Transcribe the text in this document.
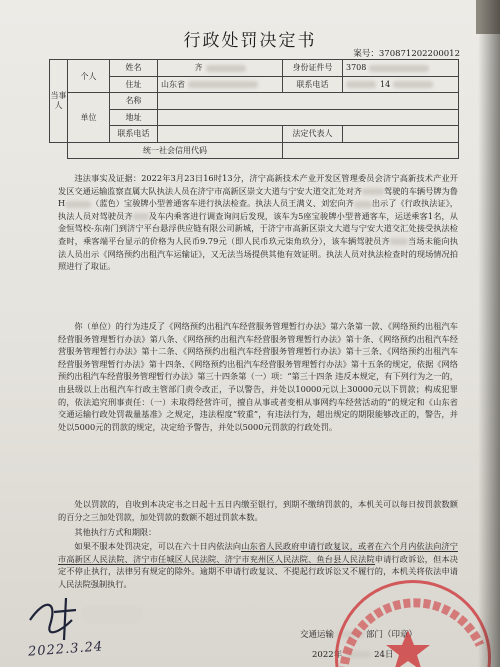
行政处罚决定书
案号：370871202200012
当事人	个人	姓名	齐	身份证件号	3708
		住址	山东省	联系电话	14
	单位	名称			
		地址			
		联系电话		法定代表人	
	统一社会信用代码				

违法事实及证据：2022年3月23日16时13分，济宁高新技术产业开发区管理委员会济宁高新技术产业开发区交通运输监察直属大队执法人员在济宁市高新区崇文大道与宁安大道交汇处对齐	驾驶的车辆号牌为鲁H	（蓝色）宝骏牌小型普通客车进行执法检查。执法人员王满义、刘宏向齐 出示了《行政执法证》，执法人员对驾驶员齐 及车内乘客进行调查询问后发现，该车为5座宝骏牌小型普通客车，运送乘客1名，从金恒驾校-东南门到济宁平台悬浮供应链有限公司新城，于济宁市高新区崇文大道与宁安大道交汇处接受执法检查时，乘客端平台显示的价格为人民币9.79元（即人民币玖元柒角玖分），该车辆驾驶员齐 当场未能向执法人员出示《网络预约出租汽车运输证》，又无法当场提供其他有效证明。执法人员对执法检查时的现场情况拍照进行了取证。

你（单位）的行为违反了《网络预约出租汽车经营服务管理暂行办法》第六条第一款、《网络预约出租汽车经营服务管理暂行办法》第八条、《网络预约出租汽车经营服务管理暂行办法》第十条、《网络预约出租汽车经营服务管理暂行办法》第十二条、《网络预约出租汽车经营服务管理暂行办法》第十三条、《网络预约出租汽车经营服务管理暂行办法》第十四条、《网络预约出租汽车经营服务管理暂行办法》第十五条的规定，依据《网络预约出租汽车经营服务管理暂行办法》第三十四条第（一）项：“第三十四条 违反本规定，有下列行为之一的，由县级以上出租汽车行政主管部门责令改正，予以警告，并处以10000元以上30000元以下罚款；构成犯罪的，依法追究刑事责任：（一）未取得经营许可，擅自从事或者变相从事网约车经营活动的”的规定和《山东省交通运输行政处罚裁量基准》之规定，违法程度“较重”，有违法行为，超出规定的期限能够改正的，警告，并处以5000元的罚款的规定，决定给予警告，并处以5000元罚款的行政处罚。

处以罚款的，自收到本决定书之日起十五日内缴至银行，到期不缴纳罚款的，本机关可以每日按罚款数额的百分之三加处罚款，加处罚款的数额不超过罚款本数。

其他执行方式和期限：

如果不服本处罚决定，可以在六十日内依法向山东省人民政府申请行政复议，或者在六个月内依法向济宁市高新区人民法院、济宁市任城区人民法院、济宁市兖州区人民法院、鱼台县人民法院申请行政诉讼，但本决定不停止执行，法律另有规定的除外。逾期不申请行政复议、不提起行政诉讼又不履行的，本机关将依法申请人民法院强制执行。

2022.3.24
交通运输	部门（印章）
2022年	24日
